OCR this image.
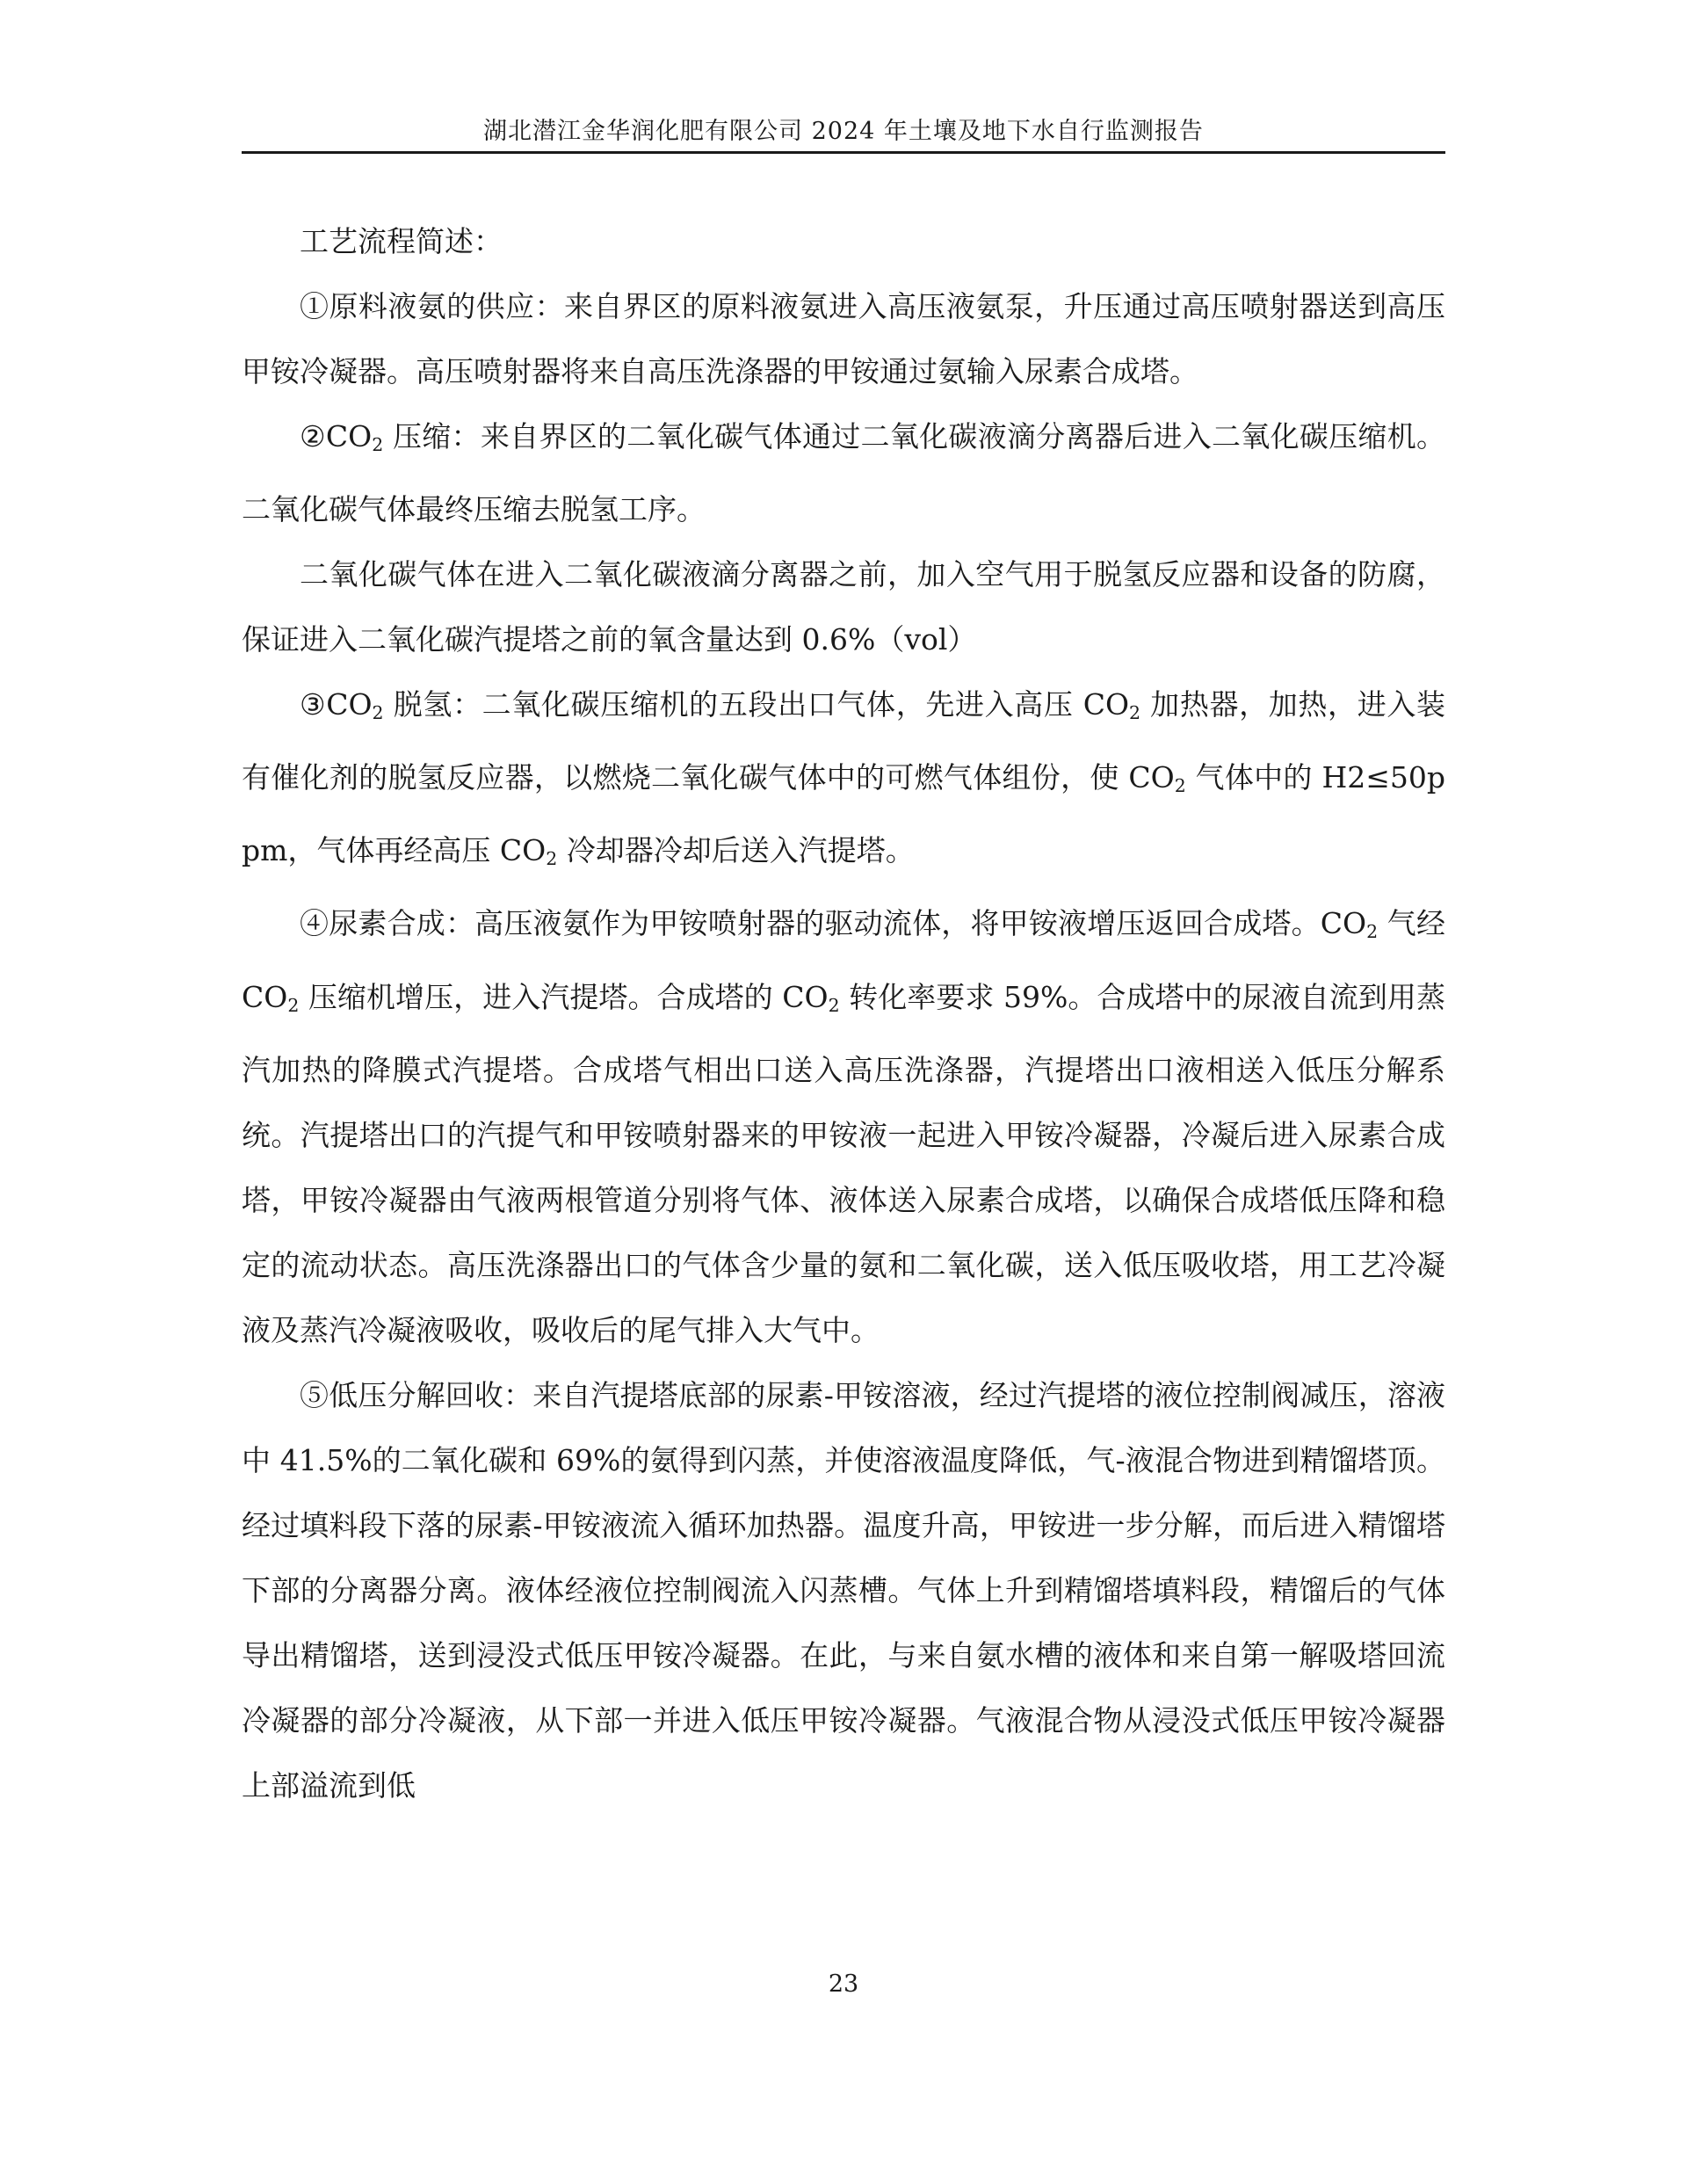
湖北潜江金华润化肥有限公司 2024 年土壤及地下水自行监测报告

工艺流程简述：

①原料液氨的供应：来自界区的原料液氨进入高压液氨泵，升压通过高压喷射器送到高压甲铵冷凝器。高压喷射器将来自高压洗涤器的甲铵通过氨输入尿素合成塔。

$②CO_2$ 压缩：来自界区的二氧化碳气体通过二氧化碳液滴分离器后进入二氧化碳压缩机。二氧化碳气体最终压缩去脱氢工序。

二氧化碳气体在进入二氧化碳液滴分离器之前，加入空气用于脱氢反应器和设备的防腐，保证进入二氧化碳汽提塔之前的氧含量达到 0.6%（vol）

$③CO_2$ 脱氢：二氧化碳压缩机的五段出口气体，先进入高压 $CO_2$ 加热器，加热，进入装有催化剂的脱氢反应器，以燃烧二氧化碳气体中的可燃气体组份，使 $CO_2$ 气体中的 H2≤50ppm，气体再经高压 $CO_2$ 冷却器冷却后送入汽提塔。

④尿素合成：高压液氨作为甲铵喷射器的驱动流体，将甲铵液增压返回合成塔。$CO_2$ 气经 $CO_2$ 压缩机增压，进入汽提塔。合成塔的 $CO_2$ 转化率要求 59%。合成塔中的尿液自流到用蒸汽加热的降膜式汽提塔。合成塔气相出口送入高压洗涤器，汽提塔出口液相送入低压分解系统。汽提塔出口的汽提气和甲铵喷射器来的甲铵液一起进入甲铵冷凝器，冷凝后进入尿素合成塔，甲铵冷凝器由气液两根管道分别将气体、液体送入尿素合成塔，以确保合成塔低压降和稳定的流动状态。高压洗涤器出口的气体含少量的氨和二氧化碳，送入低压吸收塔，用工艺冷凝液及蒸汽冷凝液吸收，吸收后的尾气排入大气中。

⑤低压分解回收：来自汽提塔底部的尿素-甲铵溶液，经过汽提塔的液位控制阀减压，溶液中 41.5%的二氧化碳和 69%的氨得到闪蒸，并使溶液温度降低，气-液混合物进到精馏塔顶。经过填料段下落的尿素-甲铵液流入循环加热器。温度升高，甲铵进一步分解，而后进入精馏塔下部的分离器分离。液体经液位控制阀流入闪蒸槽。气体上升到精馏塔填料段，精馏后的气体导出精馏塔，送到浸没式低压甲铵冷凝器。在此，与来自氨水槽的液体和来自第一解吸塔回流冷凝器的部分冷凝液，从下部一并进入低压甲铵冷凝器。气液混合物从浸没式低压甲铵冷凝器上部溢流到低

23
